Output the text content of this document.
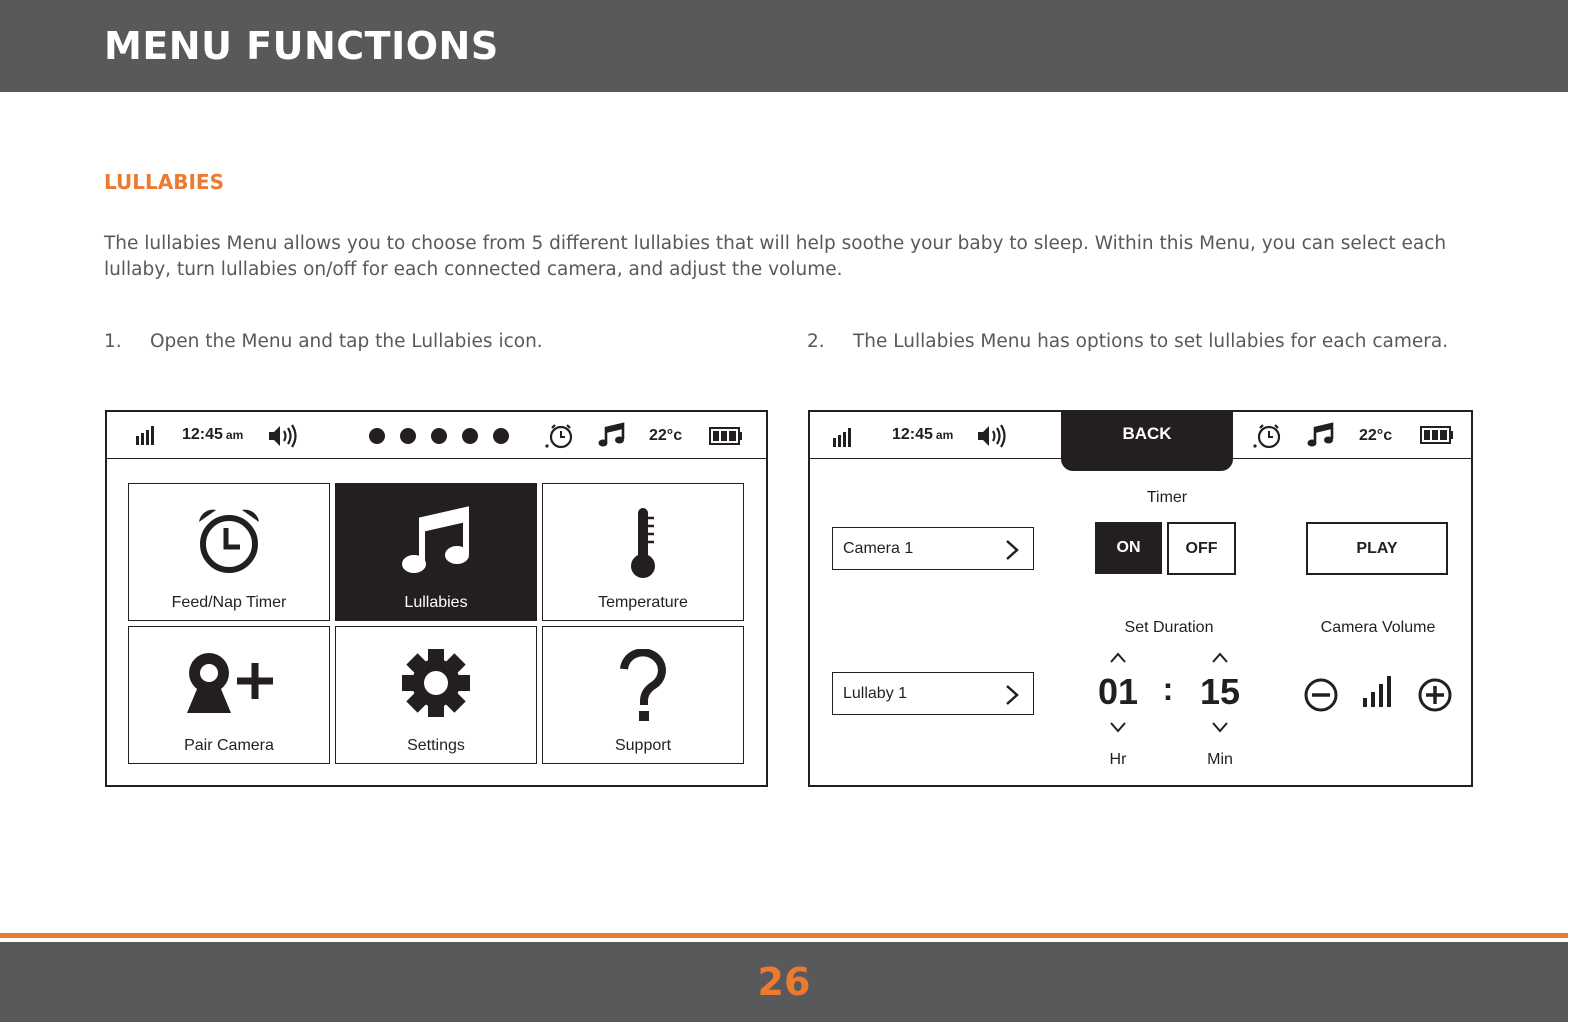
MENU FUNCTIONS
LULLABIES
The lullabies Menu allows you to choose from 5 different lullabies that will help soothe your baby to sleep. Within this Menu, you can select each lullaby, turn lullabies on/off for each connected camera, and adjust the volume.
1. Open the Menu and tap the Lullabies icon.	2. The Lullabies Menu has options to set lullabies for each camera.
12:45 am	22°c
Feed/Nap Timer	Lullabies	Temperature
Pair Camera	Settings	Support
12:45 am	22°c
BACK
Camera 1
Lullaby 1
Timer
ON	OFF	PLAY
Set Duration	Camera Volume
01 : 15
Hr	Min
26
